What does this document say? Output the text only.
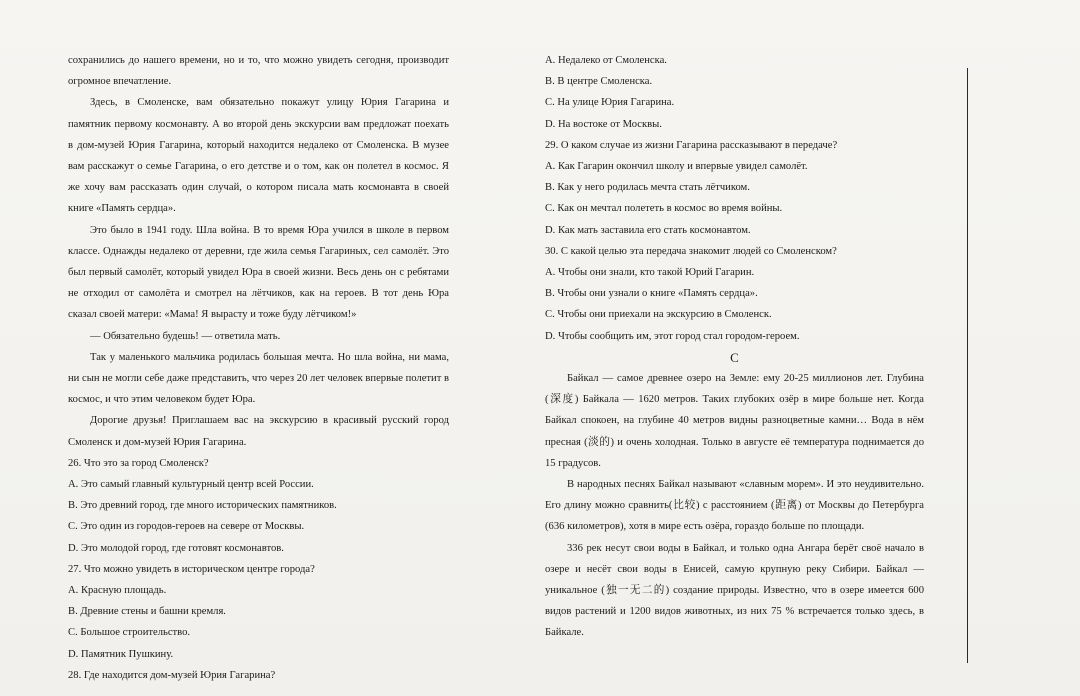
сохранились до нашего времени, но и то, что можно увидеть сегодня, производит огромное впечатление.

Здесь, в Смоленске, вам обязательно покажут улицу Юрия Гагарина и памятник первому космонавту. А во второй день экскурсии вам предложат поехать в дом-музей Юрия Гагарина, который находится недалеко от Смоленска. В музее вам расскажут о семье Гагарина, о его детстве и о том, как он полетел в космос. Я же хочу вам рассказать один случай, о котором писала мать космонавта в своей книге «Память сердца».

Это было в 1941 году. Шла война. В то время Юра учился в школе в первом классе. Однажды недалеко от деревни, где жила семья Гагариных, сел самолёт. Это был первый самолёт, который увидел Юра в своей жизни. Весь день он с ребятами не отходил от самолёта и смотрел на лётчиков, как на героев. В тот день Юра сказал своей матери: «Мама! Я вырасту и тоже буду лётчиком!»

— Обязательно будешь! — ответила мать.

Так у маленького мальчика родилась большая мечта. Но шла война, ни мама, ни сын не могли себе даже представить, что через 20 лет человек впервые полетит в космос, и что этим человеком будет Юра.

Дорогие друзья! Приглашаем вас на экскурсию в красивый русский город Смоленск и дом-музей Юрия Гагарина.

26. Что это за город Смоленск?
A. Это самый главный культурный центр всей России.
B. Это древний город, где много исторических памятников.
C. Это один из городов-героев на севере от Москвы.
D. Это молодой город, где готовят космонавтов.
27. Что можно увидеть в историческом центре города?
A. Красную площадь.
B. Древние стены и башни кремля.
C. Большое строительство.
D. Памятник Пушкину.
28. Где находится дом-музей Юрия Гагарина?
A. Недалеко от Смоленска.
B. В центре Смоленска.
C. На улице Юрия Гагарина.
D. На востоке от Москвы.
29. О каком случае из жизни Гагарина рассказывают в передаче?
A. Как Гагарин окончил школу и впервые увидел самолёт.
B. Как у него родилась мечта стать лётчиком.
C. Как он мечтал полететь в космос во время войны.
D. Как мать заставила его стать космонавтом.
30. С какой целью эта передача знакомит людей со Смоленском?
A. Чтобы они знали, кто такой Юрий Гагарин.
B. Чтобы они узнали о книге «Память сердца».
C. Чтобы они приехали на экскурсию в Смоленск.
D. Чтобы сообщить им, этот город стал городом-героем.
C

Байкал — самое древнее озеро на Земле: ему 20-25 миллионов лет. Глубина (深度) Байкала — 1620 метров. Таких глубоких озёр в мире больше нет. Когда Байкал спокоен, на глубине 40 метров видны разноцветные камни… Вода в нём пресная (淡的) и очень холодная. Только в августе её температура поднимается до 15 градусов.

В народных песнях Байкал называют «славным морем». И это неудивительно. Его длину можно сравнить(比较) с расстоянием (距离) от Москвы до Петербурга (636 километров), хотя в мире есть озёра, гораздо больше по площади.

336 рек несут свои воды в Байкал, и только одна Ангара берёт своё начало в озере и несёт свои воды в Енисей, самую крупную реку Сибири. Байкал — уникальное (独一无二的) создание природы. Известно, что в озере имеется 600 видов растений и 1200 видов животных, из них 75 % встречается только здесь, в Байкале.
